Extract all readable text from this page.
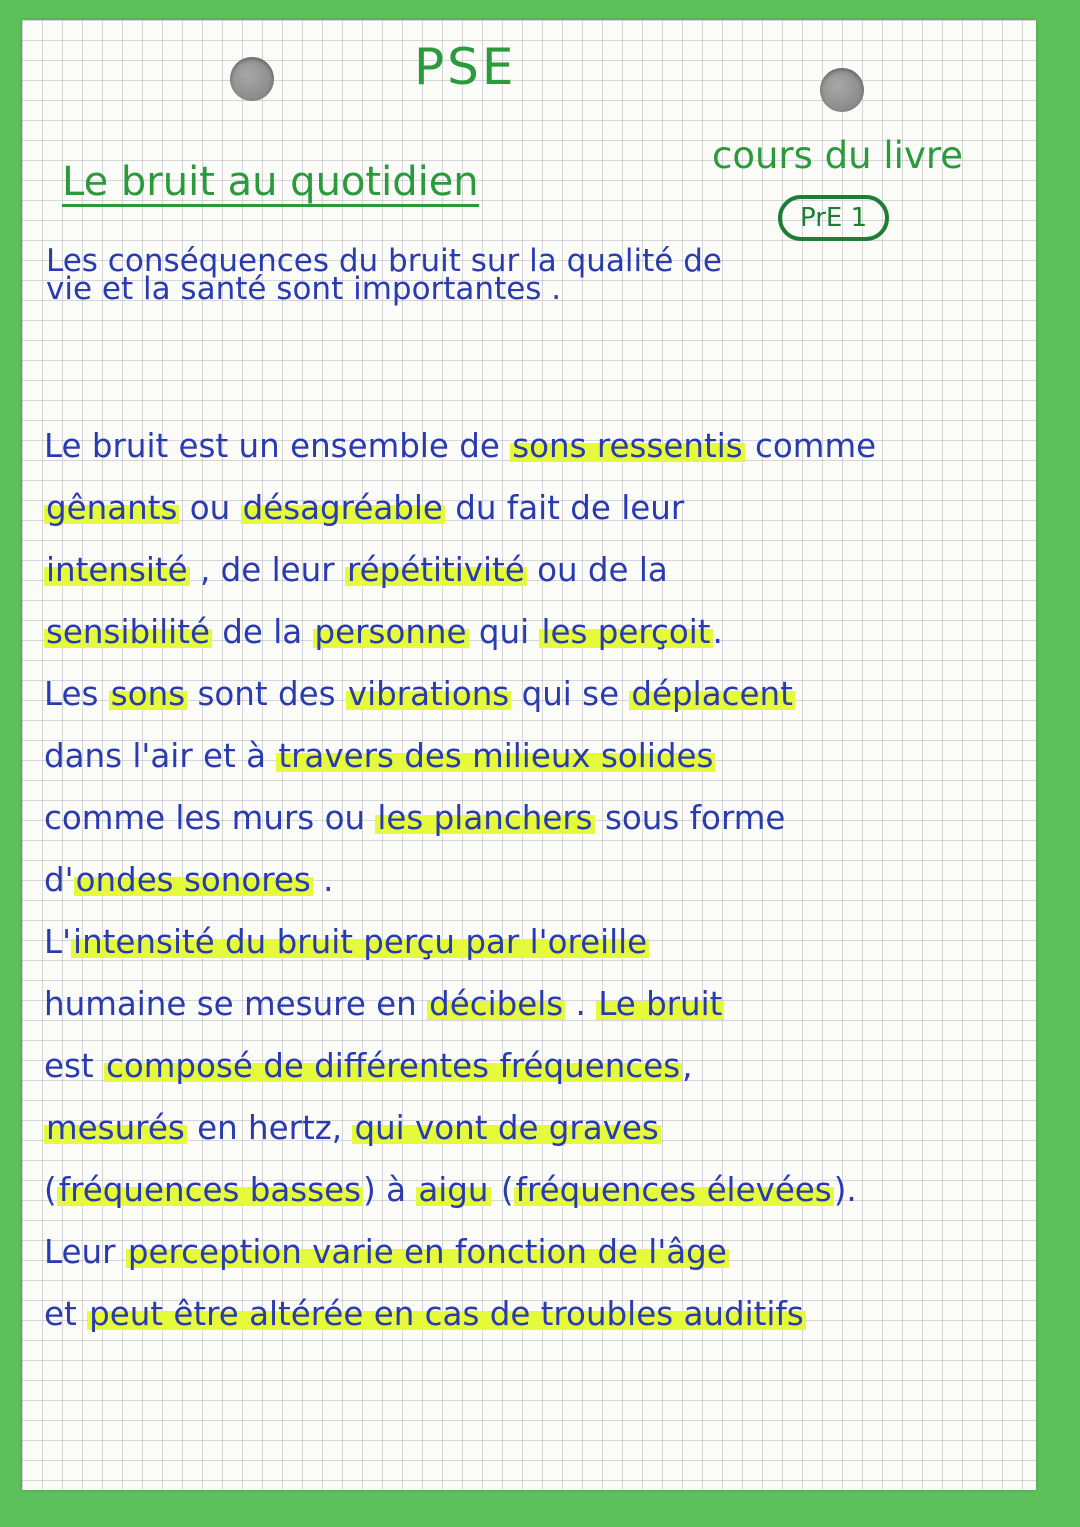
PSE
Le bruit au quotidien
cours du livre
PrE 1
Les conséquences du bruit sur la qualité de
vie et la santé sont importantes .
Le bruit est un ensemble de sons ressentis comme
gênants ou désagréable du fait de leur
intensité , de leur répétitivité ou de la
sensibilité de la personne qui les perçoit.
Les sons sont des vibrations qui se déplacent
dans l'air et à travers des milieux solides
comme les murs ou les planchers sous forme
d'ondes sonores .
L'intensité du bruit perçu par l'oreille
humaine se mesure en décibels . Le bruit
est composé de différentes fréquences,
mesurés en hertz, qui vont de graves
(fréquences basses) à aigu (fréquences élevées).
Leur perception varie en fonction de l'âge
et peut être altérée en cas de troubles auditifs
